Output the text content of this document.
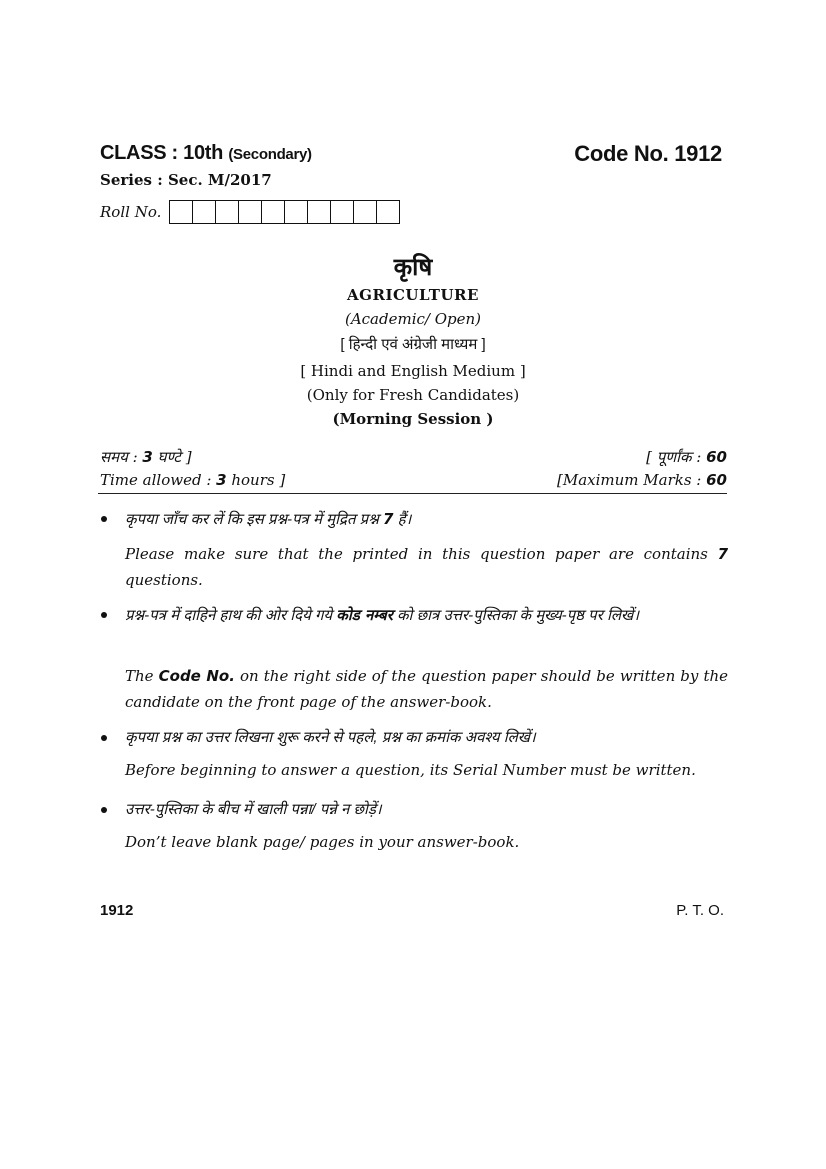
CLASS : 10th (Secondary)	Code No. 1912
Series : Sec. M/2017
Roll No.
कृषि
AGRICULTURE
(Academic/ Open)
[ हिन्दी एवं अंग्रेजी माध्यम ]
[ Hindi and English Medium ]
(Only for Fresh Candidates)
(Morning Session )
समय : 3 घण्टे ]	[ पूर्णांक : 60
Time allowed : 3 hours ]	[Maximum Marks : 60
कृपया जाँच कर लें कि इस प्रश्न-पत्र में मुद्रित प्रश्न 7 हैं।
Please make sure that the printed in this question paper are contains 7 questions.
प्रश्न-पत्र में दाहिने हाथ की ओर दिये गये कोड नम्बर को छात्र उत्तर-पुस्तिका के मुख्य-पृष्ठ पर लिखें।
The Code No. on the right side of the question paper should be written by the candidate on the front page of the answer-book.
कृपया प्रश्न का उत्तर लिखना शुरू करने से पहले, प्रश्न का क्रमांक अवश्य लिखें।
Before beginning to answer a question, its Serial Number must be written.
उत्तर-पुस्तिका के बीच में खाली पन्ना/ पन्ने न छोड़ें।
Don’t leave blank page/ pages in your answer-book.
1912	P. T. O.
